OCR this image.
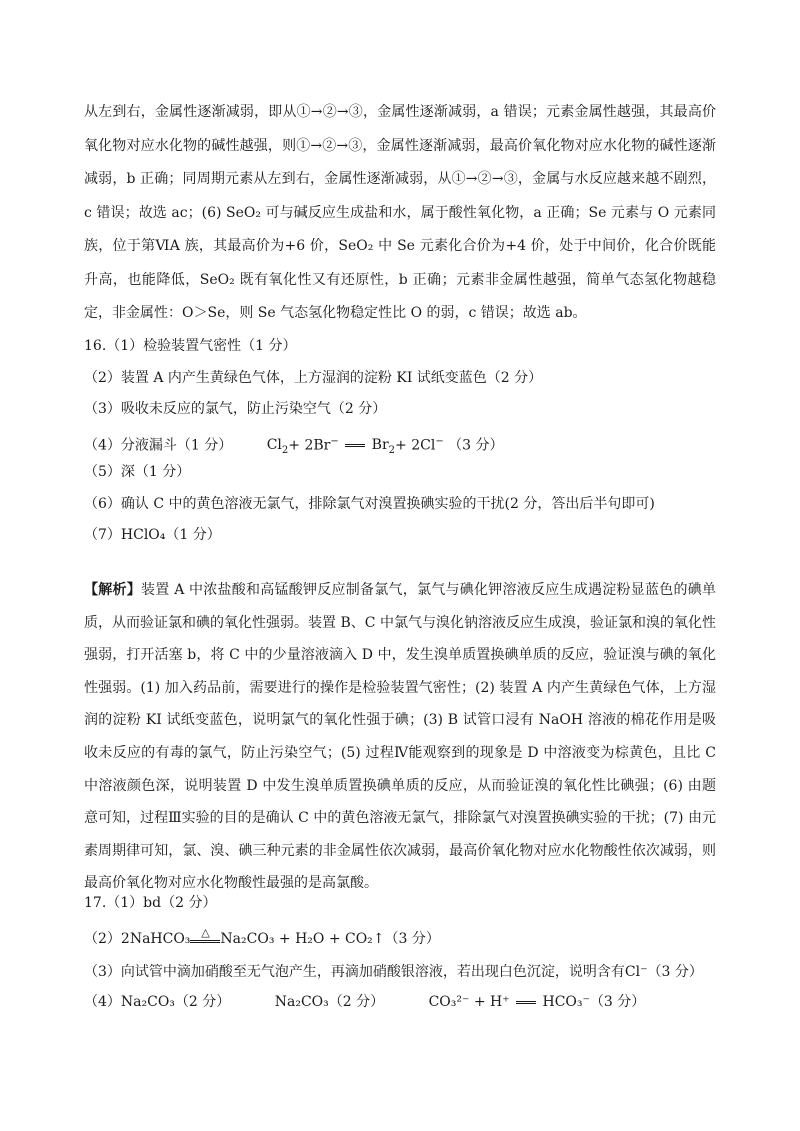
从左到右，金属性逐渐减弱，即从①→②→③，金属性逐渐减弱，a 错误；元素金属性越强，其最高价氧化物对应水化物的碱性越强，则①→②→③，金属性逐渐减弱，最高价氧化物对应水化物的碱性逐渐减弱，b 正确；同周期元素从左到右，金属性逐渐减弱，从①→②→③，金属与水反应越来越不剧烈，c 错误；故选 ac；(6) SeO₂ 可与碱反应生成盐和水，属于酸性氧化物，a 正确；Se 元素与 O 元素同族，位于第ⅥA 族，其最高价为+6 价，SeO₂ 中 Se 元素化合价为+4 价，处于中间价，化合价既能升高，也能降低，SeO₂ 既有氧化性又有还原性，b 正确；元素非金属性越强，简单气态氢化物越稳定，非金属性：O＞Se，则 Se 气态氢化物稳定性比 O 的弱，c 错误；故选 ab。
16.（1）检验装置气密性（1 分）
（2）装置 A 内产生黄绿色气体，上方湿润的淀粉 KI 试纸变蓝色（2 分）
（3）吸收未反应的氯气，防止污染空气（2 分）
（4）分液漏斗（1 分） $Cl_2+ 2Br^-$ $Br_2+ 2Cl^-$ （3 分）
（5）深（1 分）
（6）确认 C 中的黄色溶液无氯气，排除氯气对溴置换碘实验的干扰(2 分，答出后半句即可)
（7）HClO₄（1 分）
【解析】装置 A 中浓盐酸和高锰酸钾反应制备氯气，氯气与碘化钾溶液反应生成遇淀粉显蓝色的碘单质，从而验证氯和碘的氧化性强弱。装置 B、C 中氯气与溴化钠溶液反应生成溴，验证氯和溴的氧化性强弱，打开活塞 b，将 C 中的少量溶液滴入 D 中，发生溴单质置换碘单质的反应，验证溴与碘的氧化性强弱。(1) 加入药品前，需要进行的操作是检验装置气密性；(2) 装置 A 内产生黄绿色气体，上方湿润的淀粉 KI 试纸变蓝色，说明氯气的氧化性强于碘；(3) B 试管口浸有 NaOH 溶液的棉花作用是吸收未反应的有毒的氯气，防止污染空气；(5) 过程Ⅳ能观察到的现象是 D 中溶液变为棕黄色，且比 C 中溶液颜色深，说明装置 D 中发生溴单质置换碘单质的反应，从而验证溴的氧化性比碘强；(6) 由题意可知，过程Ⅲ实验的目的是确认 C 中的黄色溶液无氯气，排除氯气对溴置换碘实验的干扰；(7) 由元素周期律可知，氯、溴、碘三种元素的非金属性依次减弱，最高价氧化物对应水化物酸性依次减弱，则最高价氧化物对应水化物酸性最强的是高氯酸。
17.（1）bd（2 分）
（2）2NaHCO₃ △ Na₂CO₃ + H₂O + CO₂↑（3 分）
（3）向试管中滴加硝酸至无气泡产生，再滴加硝酸银溶液，若出现白色沉淀，说明含有Cl⁻（3 分）
（4）Na₂CO₃（2 分）	Na₂CO₃（2 分）	CO₃²⁻ + H⁺ HCO₃⁻（3 分）
